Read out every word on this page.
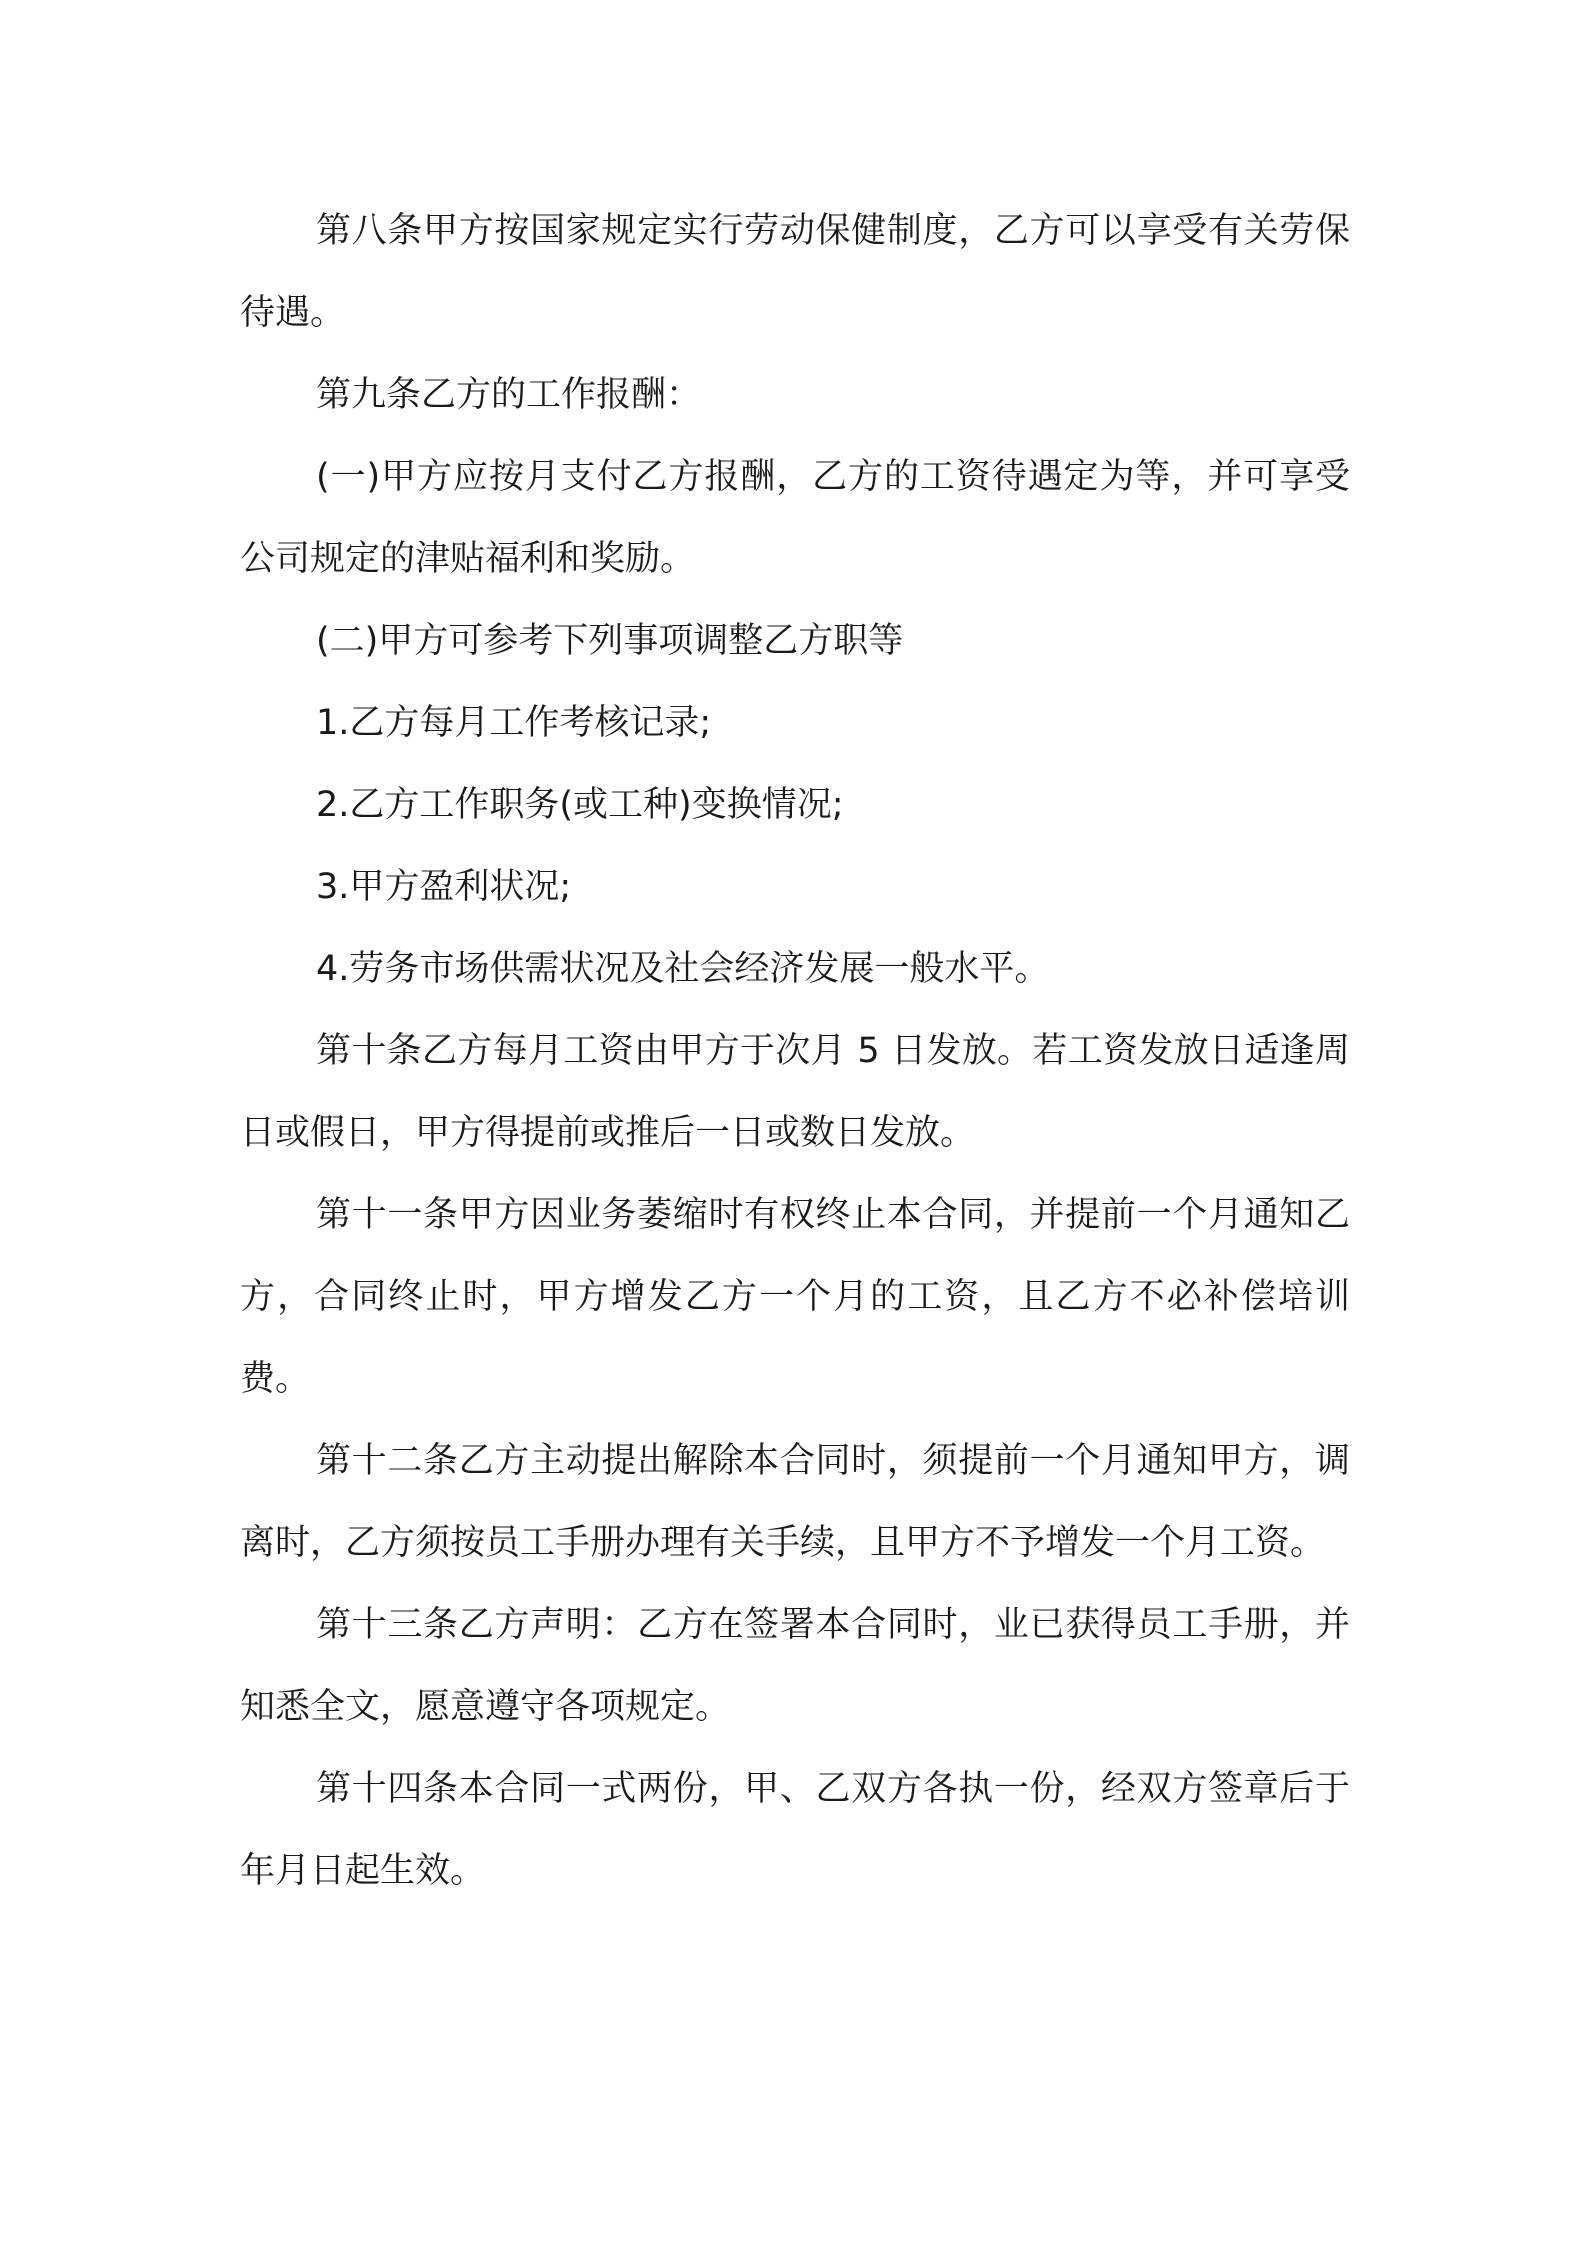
第八条甲方按国家规定实行劳动保健制度，乙方可以享受有关劳保待遇。

第九条乙方的工作报酬：

(一)甲方应按月支付乙方报酬，乙方的工资待遇定为等，并可享受公司规定的津贴福利和奖励。

(二)甲方可参考下列事项调整乙方职等

1.乙方每月工作考核记录;

2.乙方工作职务(或工种)变换情况;

3.甲方盈利状况;

4.劳务市场供需状况及社会经济发展一般水平。

第十条乙方每月工资由甲方于次月 5 日发放。若工资发放日适逢周日或假日，甲方得提前或推后一日或数日发放。

第十一条甲方因业务萎缩时有权终止本合同，并提前一个月通知乙方，合同终止时，甲方增发乙方一个月的工资，且乙方不必补偿培训费。

第十二条乙方主动提出解除本合同时，须提前一个月通知甲方，调离时，乙方须按员工手册办理有关手续，且甲方不予增发一个月工资。

第十三条乙方声明：乙方在签署本合同时，业已获得员工手册，并知悉全文，愿意遵守各项规定。

第十四条本合同一式两份，甲、乙双方各执一份，经双方签章后于年月日起生效。
